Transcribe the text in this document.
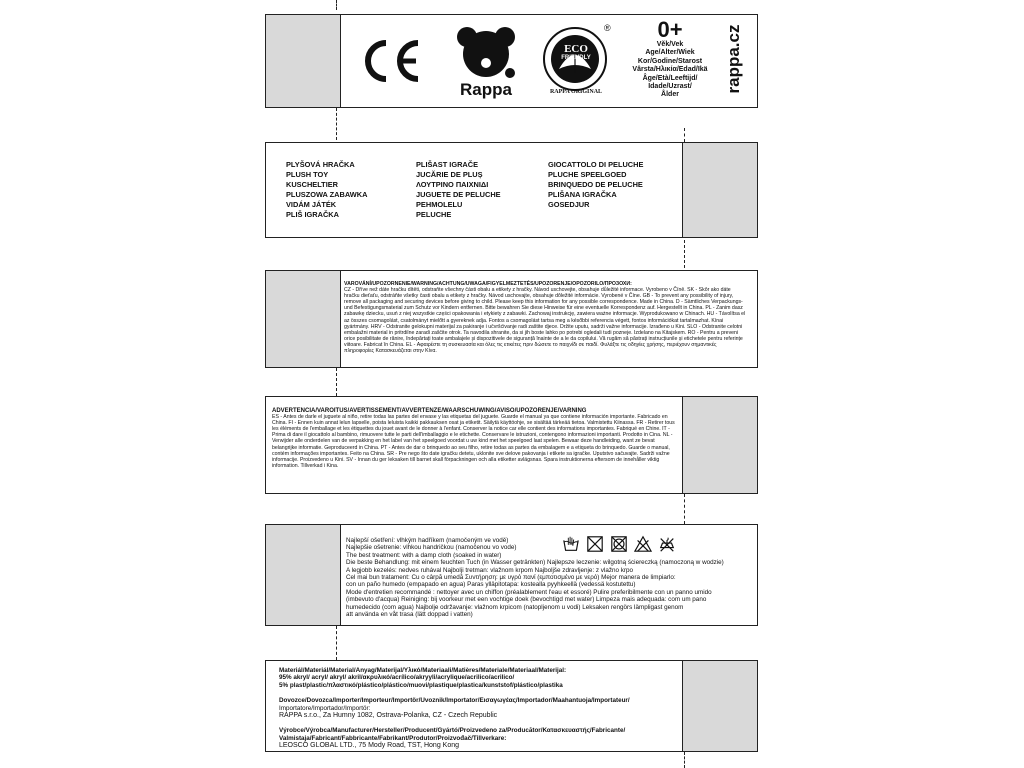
Rappa
ECO
FRIENDLY
RAPPA ORIGINAL
®	0+
Věk/Vek
Age/Alter/Wiek
Kor/Godine/Starost
Vârsta/Ηλικία/Edad/Ikä
Âge/Età/Leeftijd/
Idade/Uzrast/
Ålder
rappa.cz
PLYŠOVÁ HRAČKA
PLUSH TOY
KUSCHELTIER
PLUSZOWA ZABAWKA
VIDÁM JÁTÉK
PLIŠ IGRAČKA
PLIŠAST IGRAČE
JUCĂRIE DE PLUȘ
ΛΟΥΤΡΙΝΟ ΠΑΙΧΝΙΔΙ
JUGUETE DE PELUCHE
PEHMOLELU
PELUCHE
GIOCATTOLO DI PELUCHE
PLUCHE SPEELGOED
BRINQUEDO DE PELUCHE
PLIŠANA IGRAČKA
GOSEDJUR
VAROVÁNÍ/UPOZORNENIE/WARNING/ACHTUNG/UWAGA/FIGYELMEZTETÉS/UPOZORENJE/OPOZORILO/ПРОЗОХИ:
CZ - Dříve než dáte hračku dítěti, odstraňte všechny části obalu a etikety z hračky. Návod uschovejte, obsahuje důležité informace. Vyrobeno v Číně. SK - Skôr ako dáte hračku dieťaťu, odstráňte všetky časti obalu a etikety z hračky. Návod uschovajte, obsahuje dôležité informácie. Vyrobené v Číne. GB - To prevent any possibility of injury, remove all packaging and securing devices before giving to child. Please keep this information for any possible correspondence. Made in China. D - Sämtliches Verpackungs-und Befestigungsmaterial zum Schutz vor Kindern entfernen. Bitte bewahren Sie diese Hinweise für eine eventuelle Korrespondenz auf. Hergestellt in China. PL - Zanim dasz zabawkę dziecku, usuń z niej wszystkie części opakowania i etykiety z zabawki. Zachowaj instrukcję, zawiera ważne informacje. Wyprodukowano w Chinach. HU - Távolítsa el az összes csomagolást, csatolmányt mielőtt a gyereknek adja. Fontos a csomagolást tartsa meg a későbbi referencia végett, fontos információkat tartalmazhat. Kínai gyártmány. HRV - Odstranite gelokupni materijal za pakiranje i učvršćivanje radi zaštite djece. Držite uputu, sadrži važne informacije. Izrađeno u Kini. SLO - Odstranite celotni embalažni material in pritrdilne zaradi zaščite otrok. Ta navodila shranite, da si jih boste lahko po potrebi ogledali tudi pozneje. Izdelano na Kitajskem. RO - Pentru a preveni orice posibilitate de rănire, îndepărtați toate ambalajele și dispozitivele de siguranță înainte de a le da copilului. Vă rugăm să păstrați instrucțiunile și etichetele pentru referințe viitoare. Fabricat în China. EL - Αφαιρέστε τη συσκευασία και όλες τις ετικέτες πριν δώσετε το παιχνίδι σε παιδί. Φυλάξτε τις οδηγίες χρήσης, περιέχουν σημαντικές πληροφορίες Κατασκευάζεται στην Κίνα.
ADVERTENCIA/VAROITUS/AVERTISSEMENT/AVVERTENZE/WAARSCHUWING/AVISO/UPOZORENJE/VARNING
ES - Antes de darle el juguete al niño, retire todas las partes del envase y las etiquetas del juguete. Guarde el manual ya que contiene información importante. Fabricado en China. FI - Ennen kuin annat lelun lapselle, poista leluista kaikki pakkauksen osat ja etiketit. Säilytä käyttöohje, se sisältää tärkeää tietoa. Valmistettu Kiinassa. FR - Retirer tous les éléments de l'emballage et les étiquettes du jouet avant de le donner à l'enfant. Conserver la notice car elle contient des informations importantes. Fabriqué en Chine. IT - Prima di dare il giocattolo al bambino, rimuovere tutte le parti dell'imballaggio e le etichette. Conservare le istruzioni, contengono informazioni importanti. Prodotto in Cina. NL - Verwijder alle onderdelen van de verpakking en het label van het speelgoed voordat u uw kind met het speelgoed laat spelen. Bewaar deze handleiding, want ze bevat belangrijke informatie. Geproduceerd in China. PT - Antes de dar o brinquedo ao seu filho, retire todas as partes da embalagem e a etiqueta do brinquedo. Guarde o manual, contém informações importantes. Feito na China. SR - Pre nego što date igračku detetu, uklonite sve delove pakovanja i etikete sa igračke. Uputstvo sačuvajte. Sadrži važne informacije. Proizvedeno u Kini. SV - Innan du ger leksaken till barnet skall förpackningen och alla etiketter avlägsnas. Spara instruktionerna eftersom de innehåller viktig information. Tillverkad i Kina.
Najlepší ošetření: vlhkým hadříkem (namočeným ve vodě)
Najlepšie ošetrenie: vlhkou handričkou (namočenou vo vode)
The best treatment: with a damp cloth (soaked in water)
Die beste Behandlung: mit einem feuchten Tuch (in Wasser getränkten) Najlepsze leczenie: wilgotną ściereczką (namoczoną w wodzie)
A legjobb kezelés: nedves ruhával Najbolji tretman: vlažnom krpom Najboljše zdravljenje: z vlažno krpo
Cel mai bun tratament: Cu o cârpă umedă Συντήρηση: με υγρό πανί (εμποτισμένο με νερό) Mejor manera de limpiarlo:
con un paño humedo (empapado en agua) Paras ylläpitotapa: kostealla pyyhkeellä (vedessä kostutettu)
Mode d'entretien recommandé : nettoyer avec un chiffon (préalablement l'eau et essoré) Pulire preferibilmente con un panno umido
(imbevuto d'acqua) Reiniging: bij voorkeur met een vochtige doek (bevochtigd met water) Limpeza mais adequada: com um pano
humedecido (com agua) Najbolje održavanje: vlažnom krpicom (natopljenom u vodi) Leksaken rengörs lämpligast genom
att använda en våt trasa (lätt doppad i vatten)
Materiál/Materiál/Material/Anyag/Materijal/Υλικό/Materiaali/Matières/Materiale/Materiaal/Materijal:
95% akryl/ acryl/ akryl/ akril/ακρυλικό/acrílico/akryyli/acrylique/acrilico/acrilico/
5% plast/plastic/πλαστικό/plástico/plástico/muovi/plastique/plastica/kunststof/plástico/plastika
Dovozce/Dovozca/Importer/Importeur/Importör/Uvoznik/Importator/Εισαγωγέας/Importador/Maahantuoja/Importateur/
Importatore/Importador/Importör:
RAPPA s.r.o., Za Humny 1082, Ostrava-Polanka, CZ - Czech Republic
Výrobce/Výrobca/Manufacturer/Hersteller/Producent/Gyártó/Proizvedeno za/Producător/Κατασκευαστής/Fabricante/
Valmistaja/Fabricant/Fabbricante/Fabrikant/Produtor/Proizvođač/Tillverkare:
LEOSCO GLOBAL LTD., 75 Mody Road, TST, Hong Kong
